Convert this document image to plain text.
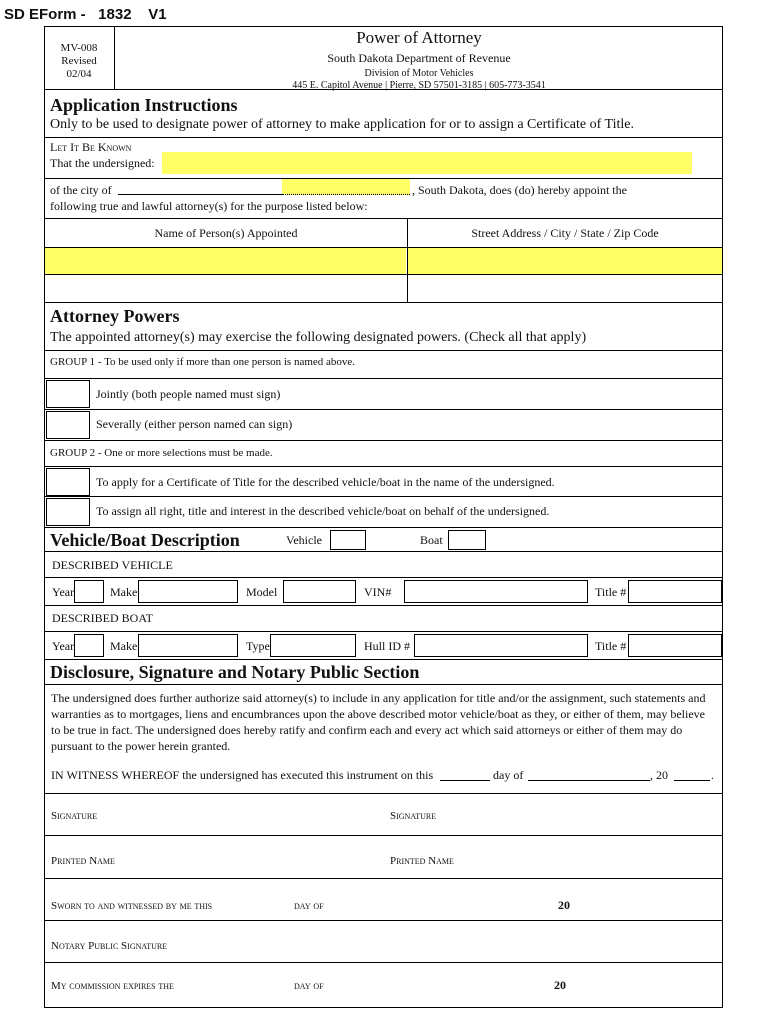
SD EForm -   1832    V1
MV-008
Revised
02/04
Power of Attorney
South Dakota Department of Revenue
Division of Motor Vehicles
445 E. Capitol Avenue | Pierre, SD 57501-3185 | 605-773-3541
Application Instructions
Only to be used to designate power of attorney to make application for or to assign a Certificate of Title.
Let It Be Known
That the undersigned:
of the city of	, South Dakota, does (do) hereby appoint the
following true and lawful attorney(s) for the purpose listed below:
Name of Person(s) Appointed	Street Address / City / State / Zip Code
Attorney Powers
The appointed attorney(s) may exercise the following designated powers. (Check all that apply)
GROUP 1 - To be used only if more than one person is named above.
Jointly (both people named must sign)
Severally (either person named can sign)
GROUP 2 - One or more selections must be made.
To apply for a Certificate of Title for the described vehicle/boat in the name of the undersigned.
To assign all right, title and interest in the described vehicle/boat on behalf of the undersigned.
Vehicle/Boat Description	Vehicle	Boat
DESCRIBED VEHICLE
Year	Make	Model	VIN#	Title #
DESCRIBED BOAT
Year	Make	Type	Hull ID #	Title #
Disclosure, Signature and Notary Public Section
The undersigned does further authorize said attorney(s) to include in any application for title and/or the assignment, such statements and
warranties as to mortgages, liens and encumbrances upon the above described motor vehicle/boat as they, or either of them, may believe
to be true in fact. The undersigned does hereby ratify and confirm each and every act which said attorneys or either of them may do
pursuant to the power herein granted.
IN WITNESS WHEREOF the undersigned has executed this instrument on this	day of	, 20	.
Signature	Signature
Printed Name	Printed Name
Sworn to and witnessed by me this	day of	20
Notary Public Signature
My commission expires the	day of	20
